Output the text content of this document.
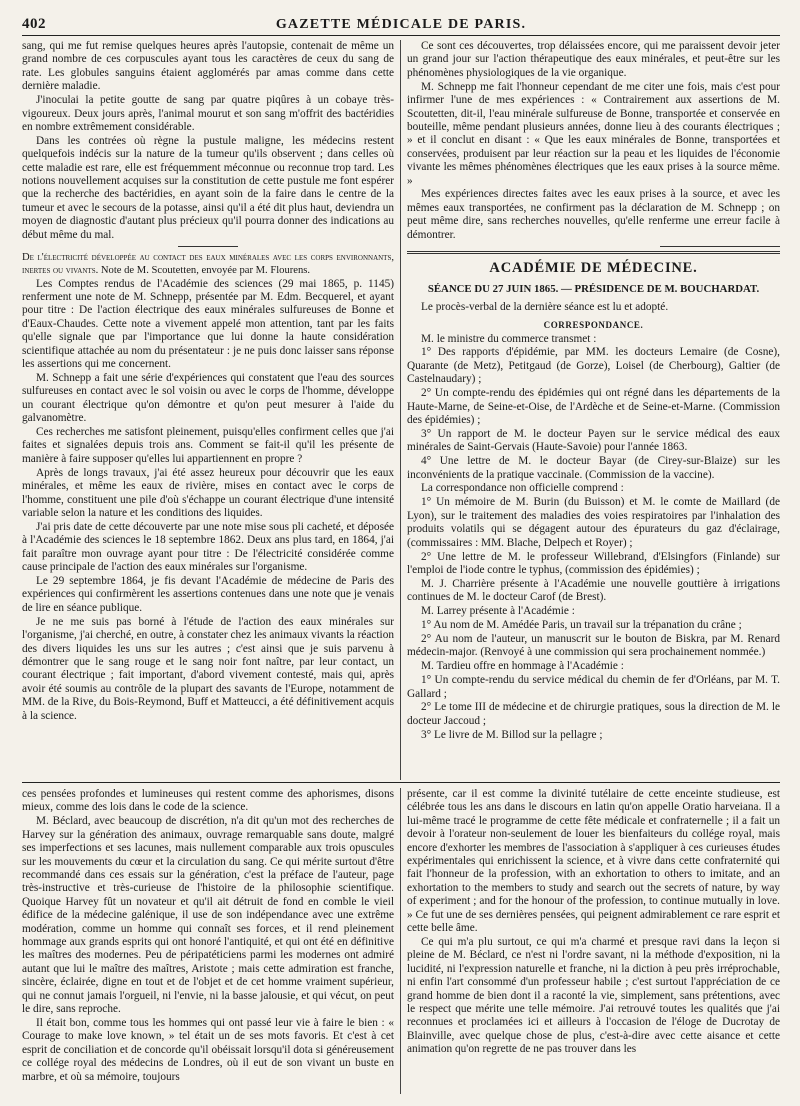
402	GAZETTE MÉDICALE DE PARIS.

sang, qui me fut remise quelques heures après l'autopsie, contenait de même un grand nombre de ces corpuscules ayant tous les caractères de ceux du sang de rate. Les globules sanguins étaient agglomérés par amas comme dans cette dernière maladie.

J'inoculai la petite goutte de sang par quatre piqûres à un cobaye très-vigoureux. Deux jours après, l'animal mourut et son sang m'offrit des bactéridies en nombre extrêmement considérable.

Dans les contrées où règne la pustule maligne, les médecins restent quelquefois indécis sur la nature de la tumeur qu'ils observent ; dans celles où cette maladie est rare, elle est fréquemment méconnue ou reconnue trop tard. Les notions nouvellement acquises sur la constitution de cette pustule me font espérer que la recherche des bactéridies, en ayant soin de la faire dans le centre de la tumeur et avec le secours de la potasse, ainsi qu'il a été dit plus haut, deviendra un moyen de diagnostic d'autant plus précieux qu'il pourra donner des indications au début même du mal.

De l'électricité développée au contact des eaux minérales avec les corps environnants, inertes ou vivants. Note de M. Scoutetten, envoyée par M. Flourens.

Les Comptes rendus de l'Académie des sciences (29 mai 1865, p. 1145) renferment une note de M. Schnepp, présentée par M. Edm. Becquerel, et ayant pour titre : De l'action électrique des eaux minérales sulfureuses de Bonne et d'Eaux-Chaudes. Cette note a vivement appelé mon attention, tant par les faits qu'elle signale que par l'importance que lui donne la haute considération scientifique attachée au nom du présentateur : je ne puis donc laisser sans réponse les assertions qui me concernent.

M. Schnepp a fait une série d'expériences qui constatent que l'eau des sources sulfureuses en contact avec le sol voisin ou avec le corps de l'homme, développe un courant électrique qu'on démontre et qu'on peut mesurer à l'aide du galvanomètre.

Ces recherches me satisfont pleinement, puisqu'elles confirment celles que j'ai faites et signalées depuis trois ans. Comment se fait-il qu'il les présente de manière à faire supposer qu'elles lui appartiennent en propre ?

Après de longs travaux, j'ai été assez heureux pour découvrir que les eaux minérales, et même les eaux de rivière, mises en contact avec le corps de l'homme, constituent une pile d'où s'échappe un courant électrique d'une intensité variable selon la nature et les conditions des liquides.

J'ai pris date de cette découverte par une note mise sous pli cacheté, et déposée à l'Académie des sciences le 18 septembre 1862. Deux ans plus tard, en 1864, j'ai fait paraître mon ouvrage ayant pour titre : De l'électricité considérée comme cause principale de l'action des eaux minérales sur l'organisme.

Le 29 septembre 1864, je fis devant l'Académie de médecine de Paris des expériences qui confirmèrent les assertions contenues dans une note que je venais de lire en séance publique.

Je ne me suis pas borné à l'étude de l'action des eaux minérales sur l'organisme, j'ai cherché, en outre, à constater chez les animaux vivants la réaction des divers liquides les uns sur les autres ; c'est ainsi que je suis parvenu à démontrer que le sang rouge et le sang noir font naître, par leur contact, un courant électrique ; fait important, d'abord vivement contesté, mais qui, après avoir été soumis au contrôle de la plupart des savants de l'Europe, notamment de MM. de la Rive, du Bois-Reymond, Buff et Matteucci, a été définitivement acquis à la science.

Ce sont ces découvertes, trop délaissées encore, qui me paraissent devoir jeter un grand jour sur l'action thérapeutique des eaux minérales, et peut-être sur les phénomènes physiologiques de la vie organique.

M. Schnepp me fait l'honneur cependant de me citer une fois, mais c'est pour infirmer l'une de mes expériences : « Contrairement aux assertions de M. Scoutetten, dit-il, l'eau minérale sulfureuse de Bonne, transportée et conservée en bouteille, même pendant plusieurs années, donne lieu à des courants électriques ; » et il conclut en disant : « Que les eaux minérales de Bonne, transportées et conservées, produisent par leur réaction sur la peau et les liquides de l'économie vivante les mêmes phénomènes électriques que les eaux prises à la source même. »

Mes expériences directes faites avec les eaux prises à la source, et avec les mêmes eaux transportées, ne confirment pas la déclaration de M. Schnepp ; on peut même dire, sans recherches nouvelles, qu'elle renferme une erreur facile à démontrer.

ACADÉMIE DE MÉDECINE.
SÉANCE DU 27 JUIN 1865. — PRÉSIDENCE DE M. BOUCHARDAT.

Le procès-verbal de la dernière séance est lu et adopté.

CORRESPONDANCE.

M. le ministre du commerce transmet :

1° Des rapports d'épidémie, par MM. les docteurs Lemaire (de Cosne), Quarante (de Metz), Petitgaud (de Gorze), Loisel (de Cherbourg), Galtier (de Castelnaudary) ;

2° Un compte-rendu des épidémies qui ont régné dans les départements de la Haute-Marne, de Seine-et-Oise, de l'Ardèche et de Seine-et-Marne. (Commission des épidémies) ;

3° Un rapport de M. le docteur Payen sur le service médical des eaux minérales de Saint-Gervais (Haute-Savoie) pour l'année 1863.

4° Une lettre de M. le docteur Bayar (de Cirey-sur-Blaize) sur les inconvénients de la pratique vaccinale. (Commission de la vaccine).

La correspondance non officielle comprend :

1° Un mémoire de M. Burin (du Buisson) et M. le comte de Maillard (de Lyon), sur le traitement des maladies des voies respiratoires par l'inhalation des produits volatils qui se dégagent autour des épurateurs du gaz d'éclairage, (commissaires : MM. Blache, Delpech et Royer) ;

2° Une lettre de M. le professeur Willebrand, d'Elsingfors (Finlande) sur l'emploi de l'iode contre le typhus, (commission des épidémies) ;

M. J. Charrière présente à l'Académie une nouvelle gouttière à irrigations continues de M. le docteur Carof (de Brest).

M. Larrey présente à l'Académie :

1° Au nom de M. Amédée Paris, un travail sur la trépanation du crâne ;

2° Au nom de l'auteur, un manuscrit sur le bouton de Biskra, par M. Renard médecin-major. (Renvoyé à une commission qui sera prochainement nommée.)

M. Tardieu offre en hommage à l'Académie :

1° Un compte-rendu du service médical du chemin de fer d'Orléans, par M. T. Gallard ;

2° Le tome III de médecine et de chirurgie pratiques, sous la direction de M. le docteur Jaccoud ;

3° Le livre de M. Billod sur la pellagre ;

ces pensées profondes et lumineuses qui restent comme des aphorismes, disons mieux, comme des lois dans le code de la science.

M. Béclard, avec beaucoup de discrétion, n'a dit qu'un mot des recherches de Harvey sur la génération des animaux, ouvrage remarquable sans doute, malgré ses imperfections et ses lacunes, mais nullement comparable aux trois opuscules sur les mouvements du cœur et la circulation du sang. Ce qui mérite surtout d'être recommandé dans ces essais sur la génération, c'est la préface de l'auteur, page très-instructive et très-curieuse de l'histoire de la philosophie scientifique. Quoique Harvey fût un novateur et qu'il ait détruit de fond en comble le vieil édifice de la médecine galénique, il use de son indépendance avec une extrême modération, comme un homme qui connaît ses forces, et il rend pleinement hommage aux grands esprits qui ont honoré l'antiquité, et qui ont été en définitive les maîtres des modernes. Peu de péripatéticiens parmi les modernes ont admiré autant que lui le maître des maîtres, Aristote ; mais cette admiration est franche, sincère, éclairée, digne en tout et de l'objet et de cet homme vraiment supérieur, qui ne connut jamais l'orgueil, ni l'envie, ni la basse jalousie, et qui vécut, on peut le dire, sans reproche.

Il était bon, comme tous les hommes qui ont passé leur vie à faire le bien : « Courage to make love known, » tel était un de ses mots favoris. Et c'est à cet esprit de conciliation et de concorde qu'il obéissait lorsqu'il dota si généreusement ce collége royal des médecins de Londres, où il eut de son vivant un buste en marbre, et où sa mémoire, toujours

présente, car il est comme la divinité tutélaire de cette enceinte studieuse, est célébrée tous les ans dans le discours en latin qu'on appelle Oratio harveiana. Il a lui-même tracé le programme de cette fête médicale et confraternelle ; il a fait un devoir à l'orateur non-seulement de louer les bienfaiteurs du collége royal, mais encore d'exhorter les membres de l'association à s'appliquer à ces curieuses études expérimentales qui enrichissent la science, et à vivre dans cette confraternité qui fait l'honneur de la profession, with an exhortation to others to imitate, and an exhortation to the members to study and search out the secrets of nature, by way of experiment ; and for the honour of the profession, to continue mutually in love. » Ce fut une de ses dernières pensées, qui peignent admirablement ce rare esprit et cette belle âme.

Ce qui m'a plu surtout, ce qui m'a charmé et presque ravi dans la leçon si pleine de M. Béclard, ce n'est ni l'ordre savant, ni la méthode d'exposition, ni la lucidité, ni l'expression naturelle et franche, ni la diction à peu près irréprochable, ni enfin l'art consommé d'un professeur habile ; c'est surtout l'appréciation de ce grand homme de bien dont il a raconté la vie, simplement, sans prétentions, avec le respect que mérite une telle mémoire. J'ai retrouvé toutes les qualités que j'ai reconnues et proclamées ici et ailleurs à l'occasion de l'éloge de Ducrotay de Blainville, avec quelque chose de plus, c'est-à-dire avec cette aisance et cette animation qu'on regrette de ne pas trouver dans les
